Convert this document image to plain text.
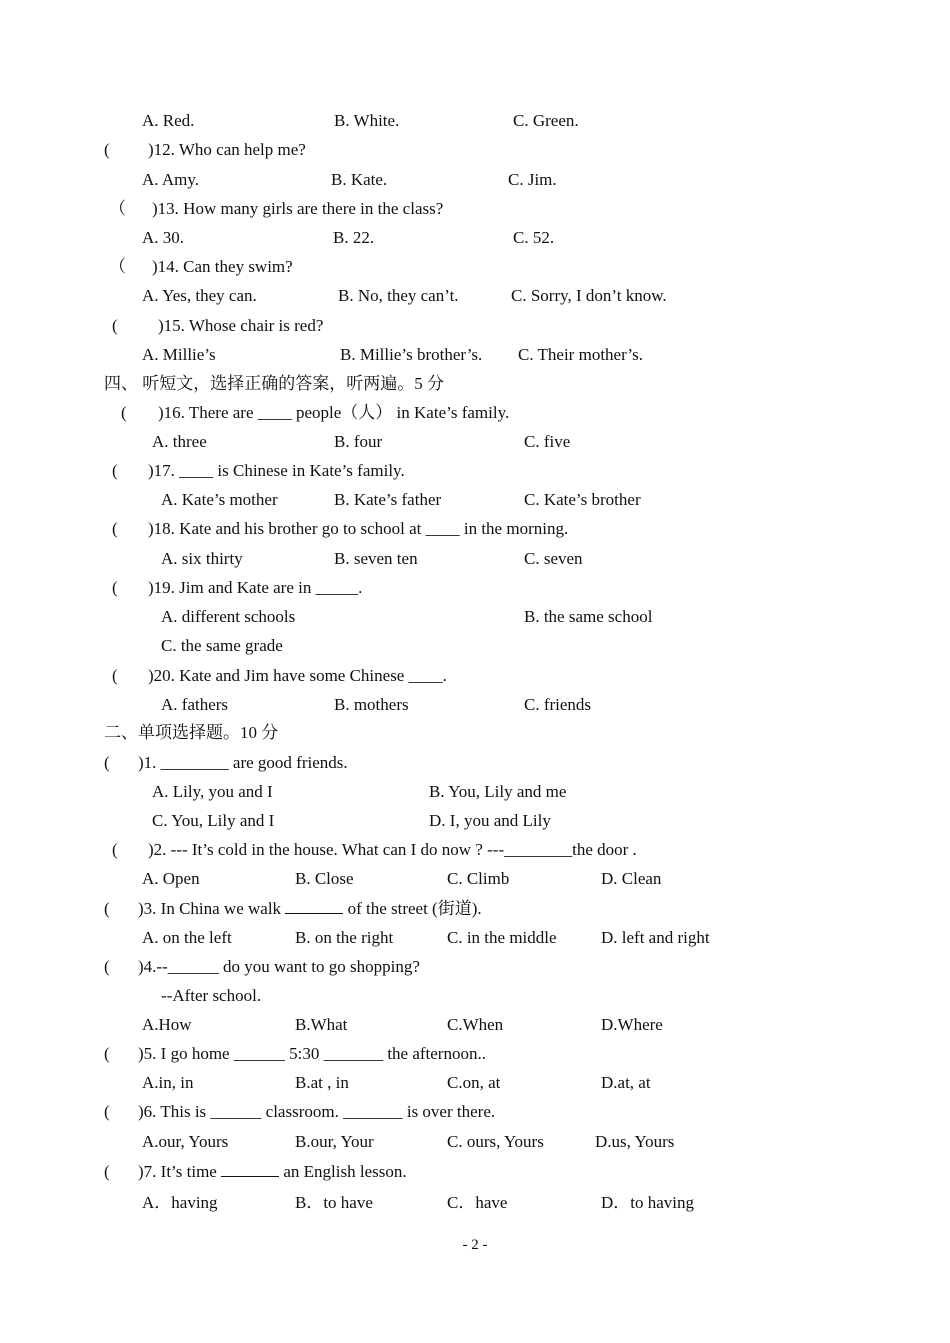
A. Red.	B. White.	C. Green.
( )12. Who can help me?
A. Amy.	B. Kate.	C. Jim.
（ )13. How many girls are there in the class?
A. 30.	B. 22.	C. 52.
（ )14. Can they swim?
A. Yes, they can.	B. No, they can’t.	C. Sorry, I don’t know.
( )15. Whose chair is red?
A. Millie’s	B. Millie’s brother’s. C. Their mother’s.
四、 听短文，选择正确的答案，听两遍。5 分
( )16. There are ____ people（人） in Kate’s family.
A. three	B. four	C. five
( )17. ____ is Chinese in Kate’s family.
A. Kate’s mother	B. Kate’s father	C. Kate’s brother
( )18. Kate and his brother go to school at ____ in the morning.
A. six thirty	B. seven ten	C. seven
( )19. Jim and Kate are in _____.
A. different schools	B. the same school
C. the same grade
( )20. Kate and Jim have some Chinese ____.
A. fathers	B. mothers	C. friends
二、单项选择题。10 分
( )1. ________ are good friends.
A. Lily, you and I	B. You, Lily and me
C. You, Lily and I	D. I, you and Lily
( )2. --- It’s cold in the house. What can I do now ? ---________the door .
A. Open	B. Close	C. Climb	D. Clean
( )3. In China we walk	of the street (街道).
A. on the left	B. on the right	C. in the middle	D. left and right
( )4.--______ do you want to go shopping?
--After school.
A.How	B.What	C.When	D.Where
( )5. I go home ______ 5:30 _______ the afternoon..
A.in, in	B.at , in	C.on, at	D.at, at
( )6. This is ______ classroom. _______ is over there.
A.our, Yours	B.our, Your	C. ours, Yours	D.us, Yours
( )7. It’s time	an English lesson.
A．having	B．to have	C．have	D．to having
- 2 -
